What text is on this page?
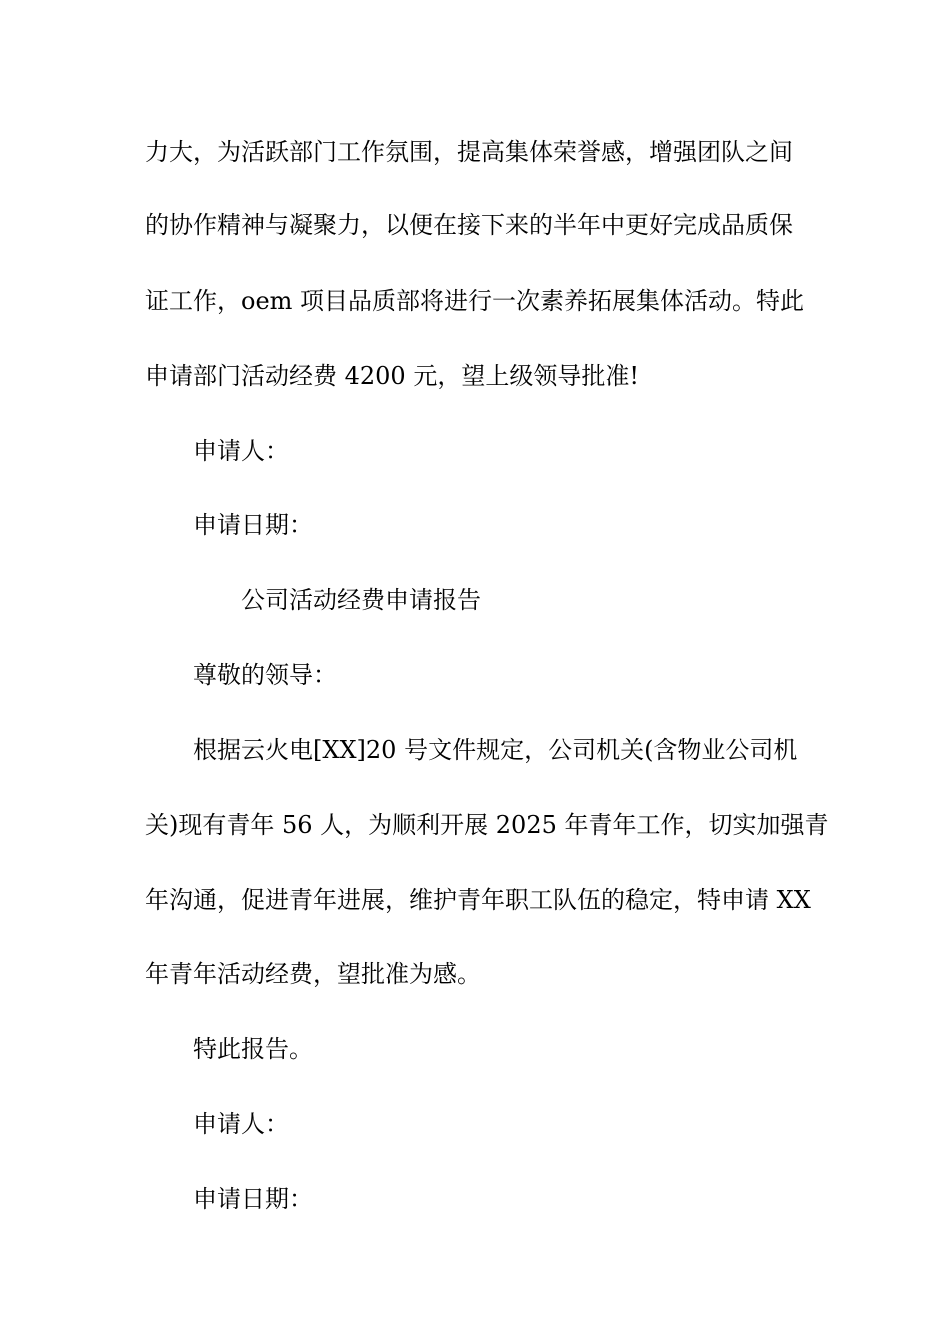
力大，为活跃部门工作氛围，提高集体荣誉感，增强团队之间
的协作精神与凝聚力，以便在接下来的半年中更好完成品质保
证工作，oem 项目品质部将进行一次素养拓展集体活动。特此
申请部门活动经费 4200 元，望上级领导批准!
申请人：
申请日期：
公司活动经费申请报告
尊敬的领导：
根据云火电[XX]20 号文件规定，公司机关(含物业公司机
关)现有青年 56 人，为顺利开展 2025 年青年工作，切实加强青
年沟通，促进青年进展，维护青年职工队伍的稳定，特申请 XX
年青年活动经费，望批准为感。
特此报告。
申请人：
申请日期：
